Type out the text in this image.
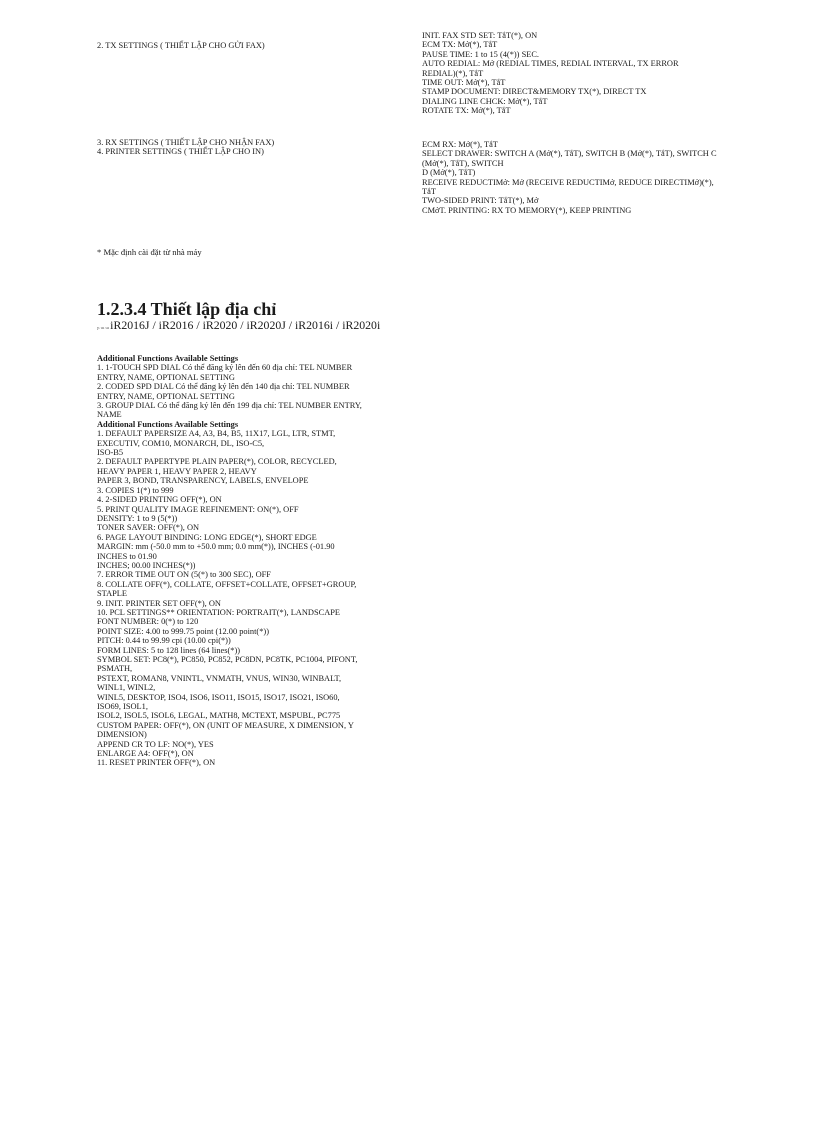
2. TX SETTINGS ( THIẾT LẬP CHO GỬI FAX)
INIT. FAX STD SET: TắT(*), ON
ECM TX: Mở(*), TắT
PAUSE TIME: 1 to 15 (4(*)) SEC.
AUTO REDIAL: Mở (REDIAL TIMES, REDIAL INTERVAL, TX ERROR
REDIAL)(*), TắT
TIME OUT: Mở(*), TắT
STAMP DOCUMENT: DIRECT&MEMORY TX(*), DIRECT TX
DIALING LINE CHCK: Mở(*), TắT
ROTATE TX: Mở(*), TắT
3. RX SETTINGS ( THIẾT LẬP CHO NHẬN FAX)
4. PRINTER SETTINGS ( THIẾT LẬP CHO IN)
ECM RX: Mở(*), TắT
SELECT DRAWER: SWITCH A (Mở(*), TắT), SWITCH B (Mở(*), TắT), SWITCH C
(Mở(*), TắT), SWITCH
D (Mở(*), TắT)
RECEIVE REDUCTIMở: Mở (RECEIVE REDUCTIMở, REDUCE DIRECTIMở)(*),
TắT
TWO-SIDED PRINT: TắT(*), Mở
CMởT. PRINTING: RX TO MEMORY(*), KEEP PRINTING
* Mặc định cài đặt từ nhà máy
1.2.3.4 Thiết lập địa chỉ
ր ա աiR2016J / iR2016 / iR2020 / iR2020J / iR2016i / iR2020i
Additional Functions Available Settings
1. 1-TOUCH SPD DIAL Có thể đăng ký lên đến 60 địa chỉ: TEL NUMBER
ENTRY, NAME, OPTIONAL SETTING
2. CODED SPD DIAL Có thể đăng ký lên đến 140 địa chỉ: TEL NUMBER
ENTRY, NAME, OPTIONAL SETTING
3. GROUP DIAL Có thể đăng ký lên đến 199 địa chỉ: TEL NUMBER ENTRY,
NAME
Additional Functions Available Settings
1. DEFAULT PAPERSIZE A4, A3, B4, B5, 11X17, LGL, LTR, STMT,
EXECUTIV, COM10, MONARCH, DL, ISO-C5,
ISO-B5
2. DEFAULT PAPERTYPE PLAIN PAPER(*), COLOR, RECYCLED,
HEAVY PAPER 1, HEAVY PAPER 2, HEAVY
PAPER 3, BOND, TRANSPARENCY, LABELS, ENVELOPE
3. COPIES 1(*) to 999
4. 2-SIDED PRINTING OFF(*), ON
5. PRINT QUALITY IMAGE REFINEMENT: ON(*), OFF
DENSITY: 1 to 9 (5(*))
TONER SAVER: OFF(*), ON
6. PAGE LAYOUT BINDING: LONG EDGE(*), SHORT EDGE
MARGIN: mm (-50.0 mm to +50.0 mm; 0.0 mm(*)), INCHES (-01.90
INCHES to 01.90
INCHES; 00.00 INCHES(*))
7. ERROR TIME OUT ON (5(*) to 300 SEC), OFF
8. COLLATE OFF(*), COLLATE, OFFSET+COLLATE, OFFSET+GROUP,
STAPLE
9. INIT. PRINTER SET OFF(*), ON
10. PCL SETTINGS** ORIENTATION: PORTRAIT(*), LANDSCAPE
FONT NUMBER: 0(*) to 120
POINT SIZE: 4.00 to 999.75 point (12.00 point(*))
PITCH: 0.44 to 99.99 cpi (10.00 cpi(*))
FORM LINES: 5 to 128 lines (64 lines(*))
SYMBOL SET: PC8(*), PC850, PC852, PC8DN, PC8TK, PC1004, PIFONT,
PSMATH,
PSTEXT, ROMAN8, VNINTL, VNMATH, VNUS, WIN30, WINBALT,
WINL1, WINL2,
WINL5, DESKTOP, ISO4, ISO6, ISO11, ISO15, ISO17, ISO21, ISO60,
ISO69, ISOL1,
ISOL2, ISOL5, ISOL6, LEGAL, MATH8, MCTEXT, MSPUBL, PC775
CUSTOM PAPER: OFF(*), ON (UNIT OF MEASURE, X DIMENSION, Y
DIMENSION)
APPEND CR TO LF: NO(*), YES
ENLARGE A4: OFF(*), ON
11. RESET PRINTER OFF(*), ON
